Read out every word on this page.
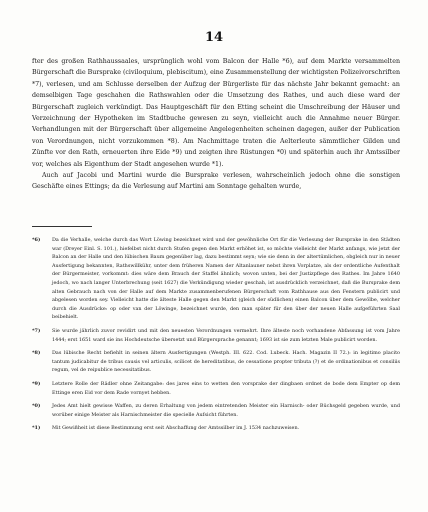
14

fter des großen Rathhaussaales, ursprünglich wohl vom Balcon der Halle *6), auf dem Markte versammelten Bürgerschaft die Bursprake (civiloquium, plebiscitum), eine Zusammenstellung der wichtigsten Polizeivorschriften *7), verlesen, und am Schlusse derselben der Aufzug der Bürgerliste für das nächste Jahr bekannt gemacht: an demselbigen Tage geschahen die Rathswahlen oder die Umsetzung des Rathes, und auch diese ward der Bürgerschaft zugleich verkündigt. Das Hauptgeschäft für den Etting scheint die Umschreibung der Häuser und Verzeichnung der Hypotheken im Stadtbuche gewesen zu seyn, vielleicht auch die Annahme neuer Bürger. Verhandlungen mit der Bürgerschaft über allgemeine Angelegenheiten scheinen dagegen, außer der Publication von Verordnungen, nicht vorzukommen *8). Am Nachmittage traten die Aelterleute sämmtlicher Gilden und Zünfte vor den Rath, erneuerten ihre Eide *9) und zeigten ihre Rüstungen *0) und späterhin auch ihr Amtssilber vor, welches als Eigenthum der Stadt angesehen wurde *1).

Auch auf Jacobi und Martini wurde die Bursprake verlesen, wahrscheinlich jedoch ohne die sonstigen Geschäfte eines Ettings; da die Verlesung auf Martini am Sonntage gehalten wurde,

*6) Da die Verhalle, welche durch das Wort Löwing bezeichnet wird und der gewöhnliche Ort für die Verlesung der Bursprake in den Städten war (Dreyer Einl. S. 101.), hiefelbst nicht durch Stufen gegen den Markt erhöhet ist, so möchte vielleicht der Markt anfangs, wie jetzt der Balcon an der Halle und den lübischen Baum gegenüber lag, dazu bestimmt seyn; wie sie denn in der altertümlichen, obgleich nur in neuer Ausfertigung bekannten, Rathswillkühr, unter dem früheren Namen der Altanlauner nebst ihren Vorplatze, als der ordentliche Aufenthalt der Bürgermeister, vorkommt: dies wäre dem Brauch der Staffel ähnlich; wovon unten, bei der Justizpflege des Rathes. Im Jahre 1640 jedoch, wo nach langer Unterbrechung (seit 1627) die Verkündigung wieder geschah, ist ausdrücklich verzeichnet, daß die Bursprake dem alten Gebrauch nach von der Halle auf dem Markte zusammenberufenen Bürgerschaft vom Rathhause aus den Fenstern publicirt und abgelesen worden sey. Vielleicht hatte die älteste Halle gegen den Markt (gleich der südlichen) einen Balcon über dem Gewölbe, welcher durch die Ausdrücke: op oder van der Löwinge, bezeichnet wurde, den man später für den über der neuen Halle aufgeführten Saal beibehielt.
*7) Sie wurde jährlich zuvor revidirt und mit den neuesten Verordnungen vermehrt. Ihre älteste noch vorhandene Abfassung ist vom Jahre 1444; erst 1651 ward sie ins Hochdeutsche übersetzt und Bürgersprache genannt; 1693 ist sie zum letzten Male publicirt worden.
*8) Das lübische Recht befiehlt in seinen ältern Ausfertigungen (Westph. III. 622. Cod. Lubeck. Hach. Magazin II 72.): in legitimo placito tantum judicabitur de tribus causis vel articulis, scilicet de hereditatibus, de cessatione propter tributa (?) et de ordinationibus et consiliis regum, vel de reipublice necessitatibus.
*9) Letztere Rolle der Rädler ohne Zeitangabe: des jares eins to wetten den vorsprake der dingbaen ordnet de bode dem Empter op dem Ettinge eren Eid vor dem Rade vornyet hebben.
*0) Jedes Amt hielt gewisse Waffen, zu deren Erhaltung von jedem eintretenden Meister ein Harnisch- oder Büchsgeld gegeben wurde, und worüber einige Meister als Harnischmeister die specielle Aufsicht führten.
*1) Mit Gewißheit ist diese Bestimmung erst seit Abschaffung der Amtssilber im J. 1534 nachzuweisen.
